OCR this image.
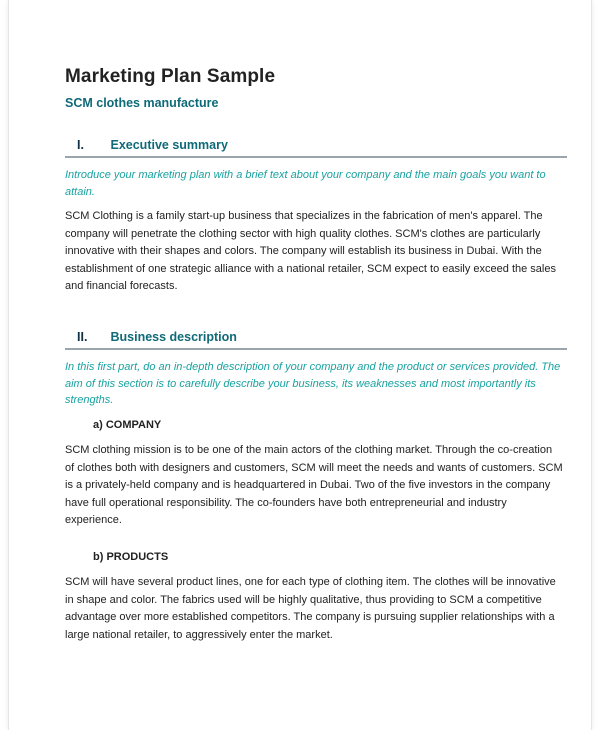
Marketing Plan Sample
SCM clothes manufacture
I. Executive summary
Introduce your marketing plan with a brief text about your company and the main goals you want to attain.
SCM Clothing is a family start-up business that specializes in the fabrication of men's apparel. The company will penetrate the clothing sector with high quality clothes. SCM's clothes are particularly innovative with their shapes and colors. The company will establish its business in Dubai. With the establishment of one strategic alliance with a national retailer, SCM expect to easily exceed the sales and financial forecasts.
II. Business description
In this first part, do an in-depth description of your company and the product or services provided. The aim of this section is to carefully describe your business, its weaknesses and most importantly its strengths.
a) COMPANY
SCM clothing mission is to be one of the main actors of the clothing market. Through the co-creation of clothes both with designers and customers, SCM will meet the needs and wants of customers. SCM is a privately-held company and is headquartered in Dubai. Two of the five investors in the company have full operational responsibility. The co-founders have both entrepreneurial and industry experience.
b) PRODUCTS
SCM will have several product lines, one for each type of clothing item. The clothes will be innovative in shape and color. The fabrics used will be highly qualitative, thus providing to SCM a competitive advantage over more established competitors. The company is pursuing supplier relationships with a large national retailer, to aggressively enter the market.
